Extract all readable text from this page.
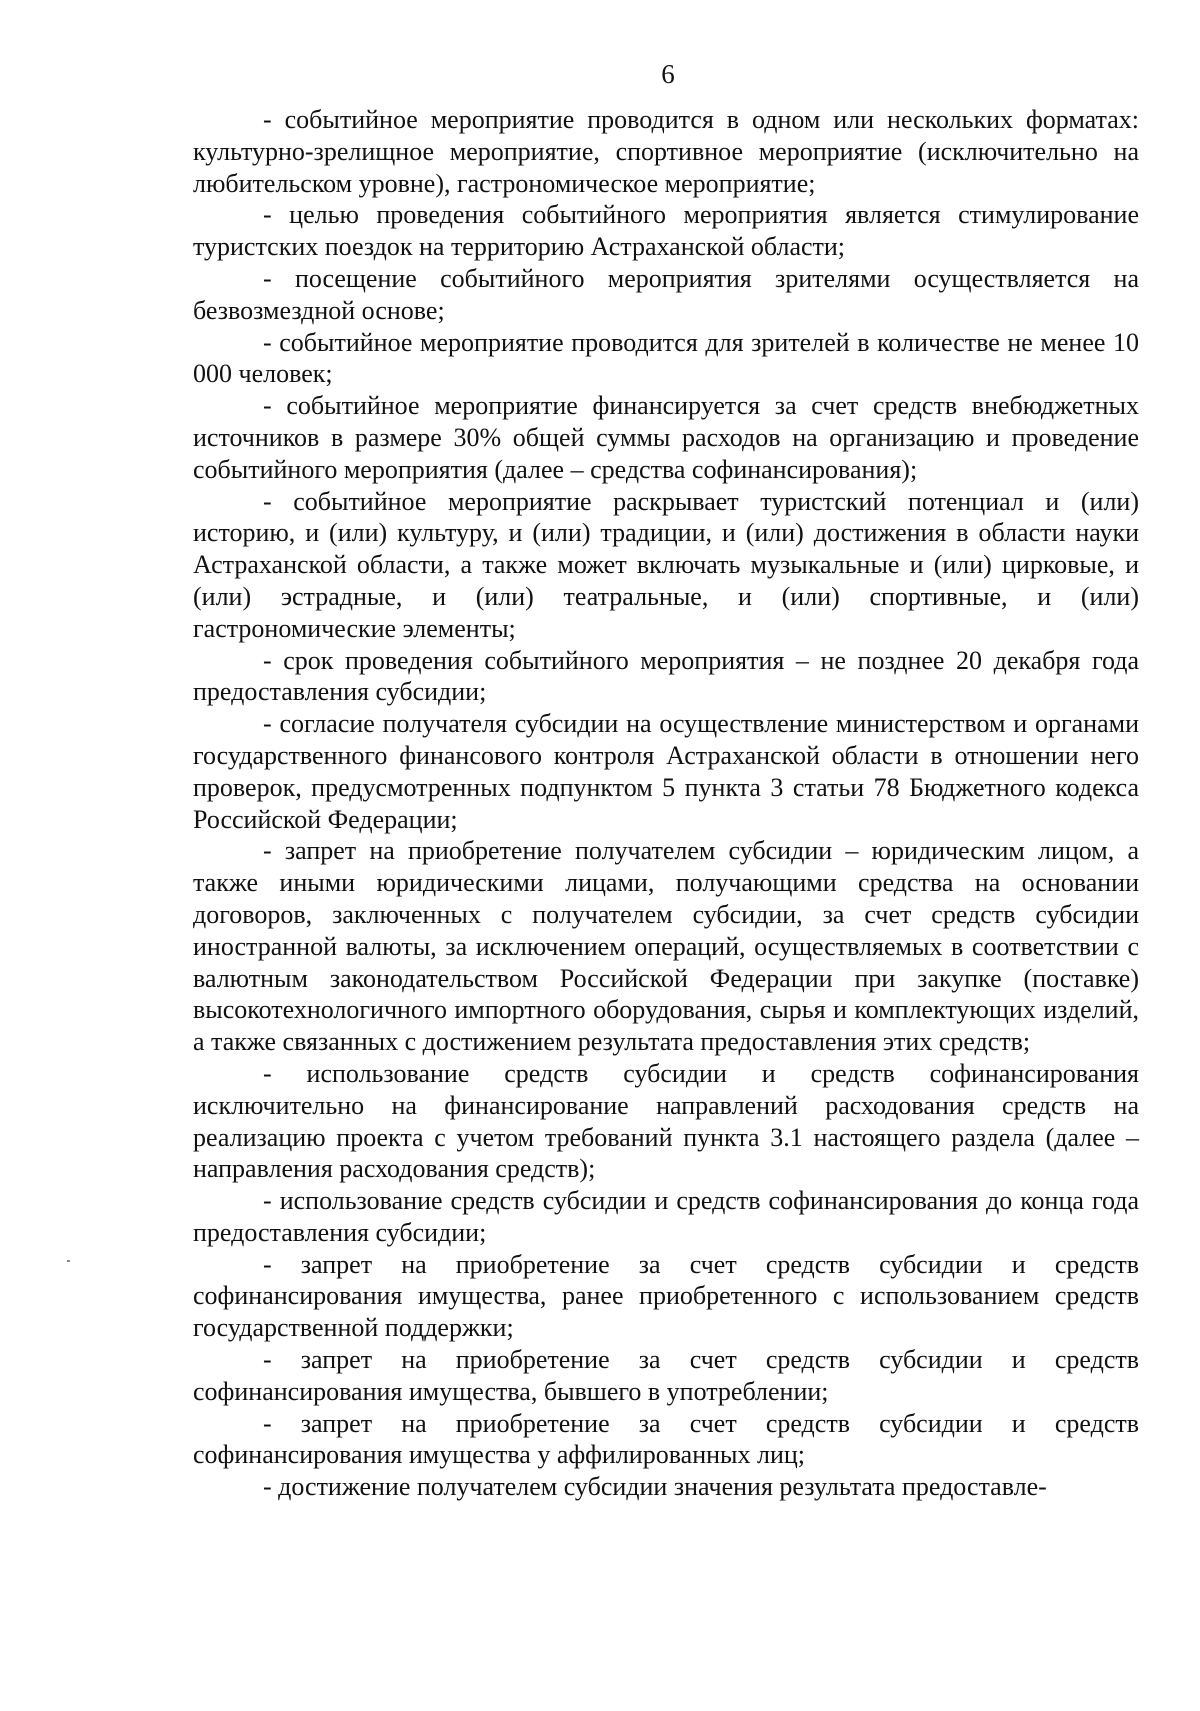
6

- событийное мероприятие проводится в одном или нескольких форматах: культурно-зрелищное мероприятие, спортивное мероприятие (исключительно на любительском уровне), гастрономическое мероприятие;

- целью проведения событийного мероприятия является стимулирование туристских поездок на территорию Астраханской области;

- посещение событийного мероприятия зрителями осуществляется на безвозмездной основе;

- событийное мероприятие проводится для зрителей в количестве не менее 10 000 человек;

- событийное мероприятие финансируется за счет средств внебюджетных источников в размере 30% общей суммы расходов на организацию и проведение событийного мероприятия (далее – средства софинансирования);

- событийное мероприятие раскрывает туристский потенциал и (или) историю, и (или) культуру, и (или) традиции, и (или) достижения в области науки Астраханской области, а также может включать музыкальные и (или) цирковые, и (или) эстрадные, и (или) театральные, и (или) спортивные, и (или) гастрономические элементы;

- срок проведения событийного мероприятия – не позднее 20 декабря года предоставления субсидии;

- согласие получателя субсидии на осуществление министерством и органами государственного финансового контроля Астраханской области в отношении него проверок, предусмотренных подпунктом 5 пункта 3 статьи 78 Бюджетного кодекса Российской Федерации;

- запрет на приобретение получателем субсидии – юридическим лицом, а также иными юридическими лицами, получающими средства на основании договоров, заключенных с получателем субсидии, за счет средств субсидии иностранной валюты, за исключением операций, осуществляемых в соответствии с валютным законодательством Российской Федерации при закупке (поставке) высокотехнологичного импортного оборудования, сырья и комплектующих изделий, а также связанных с достижением результата предоставления этих средств;

- использование средств субсидии и средств софинансирования исключительно на финансирование направлений расходования средств на реализацию проекта с учетом требований пункта 3.1 настоящего раздела (далее – направления расходования средств);

- использование средств субсидии и средств софинансирования до конца года предоставления субсидии;

- запрет на приобретение за счет средств субсидии и средств софинансирования имущества, ранее приобретенного с использованием средств государственной поддержки;

- запрет на приобретение за счет средств субсидии и средств софинансирования имущества, бывшего в употреблении;

- запрет на приобретение за счет средств субсидии и средств софинансирования имущества у аффилированных лиц;

- достижение получателем субсидии значения результата предоставле-
